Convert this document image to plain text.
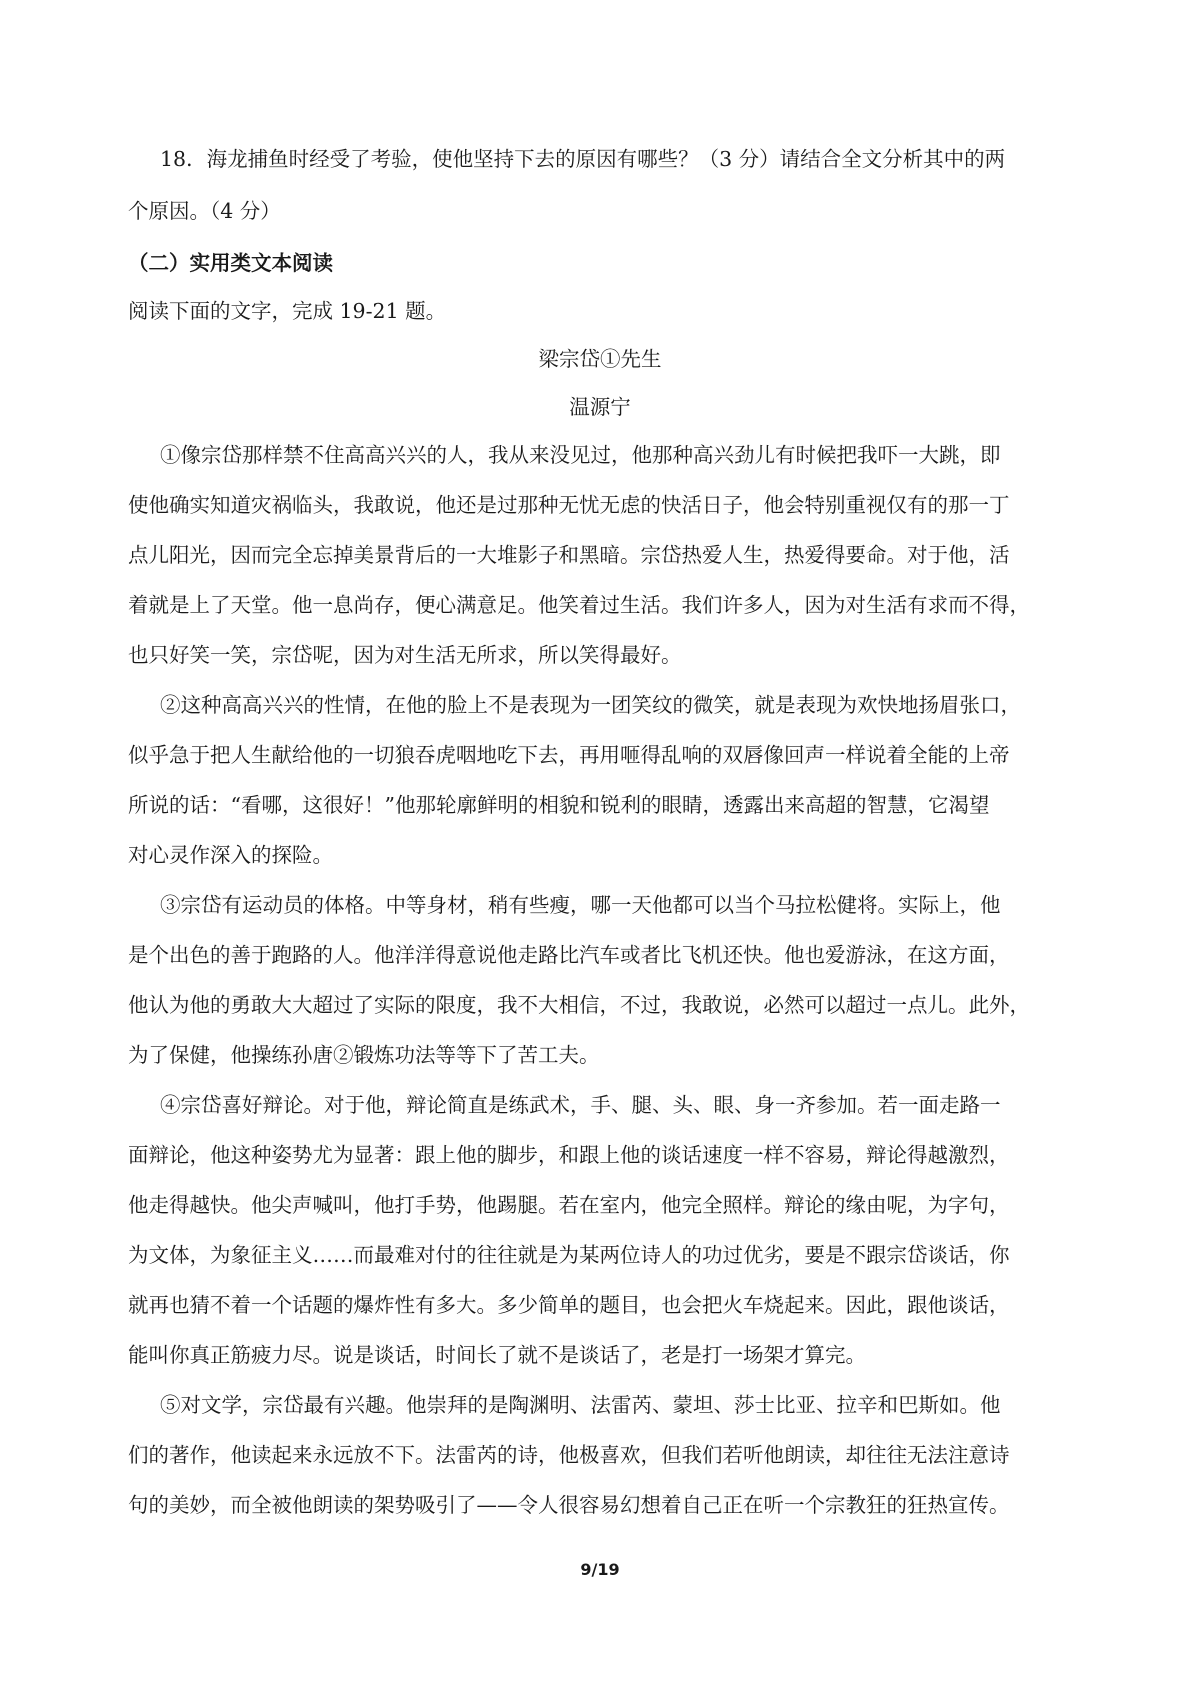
18．海龙捕鱼时经受了考验，使他坚持下去的原因有哪些？（3 分）请结合全文分析其中的两
个原因。（4 分）
（二）实用类文本阅读
阅读下面的文字，完成 19-21 题。
梁宗岱①先生
温源宁
①像宗岱那样禁不住高高兴兴的人，我从来没见过，他那种高兴劲儿有时候把我吓一大跳，即
使他确实知道灾祸临头，我敢说，他还是过那种无忧无虑的快活日子，他会特别重视仅有的那一丁
点儿阳光，因而完全忘掉美景背后的一大堆影子和黑暗。宗岱热爱人生，热爱得要命。对于他，活
着就是上了天堂。他一息尚存，便心满意足。他笑着过生活。我们许多人，因为对生活有求而不得，
也只好笑一笑，宗岱呢，因为对生活无所求，所以笑得最好。
②这种高高兴兴的性情，在他的脸上不是表现为一团笑纹的微笑，就是表现为欢快地扬眉张口，
似乎急于把人生献给他的一切狼吞虎咽地吃下去，再用咂得乱响的双唇像回声一样说着全能的上帝
所说的话：“看哪，这很好！”他那轮廓鲜明的相貌和锐利的眼睛，透露出来高超的智慧，它渴望
对心灵作深入的探险。
③宗岱有运动员的体格。中等身材，稍有些瘦，哪一天他都可以当个马拉松健将。实际上，他
是个出色的善于跑路的人。他洋洋得意说他走路比汽车或者比飞机还快。他也爱游泳，在这方面，
他认为他的勇敢大大超过了实际的限度，我不大相信，不过，我敢说，必然可以超过一点儿。此外，
为了保健，他操练孙唐②锻炼功法等等下了苦工夫。
④宗岱喜好辩论。对于他，辩论简直是练武术，手、腿、头、眼、身一齐参加。若一面走路一
面辩论，他这种姿势尤为显著：跟上他的脚步，和跟上他的谈话速度一样不容易，辩论得越激烈，
他走得越快。他尖声喊叫，他打手势，他踢腿。若在室内，他完全照样。辩论的缘由呢，为字句，
为文体，为象征主义……而最难对付的往往就是为某两位诗人的功过优劣，要是不跟宗岱谈话，你
就再也猜不着一个话题的爆炸性有多大。多少简单的题目，也会把火车烧起来。因此，跟他谈话，
能叫你真正筋疲力尽。说是谈话，时间长了就不是谈话了，老是打一场架才算完。
⑤对文学，宗岱最有兴趣。他崇拜的是陶渊明、法雷芮、蒙坦、莎士比亚、拉辛和巴斯如。他
们的著作，他读起来永远放不下。法雷芮的诗，他极喜欢，但我们若听他朗读，却往往无法注意诗
句的美妙，而全被他朗读的架势吸引了——令人很容易幻想着自己正在听一个宗教狂的狂热宣传。
9/19
